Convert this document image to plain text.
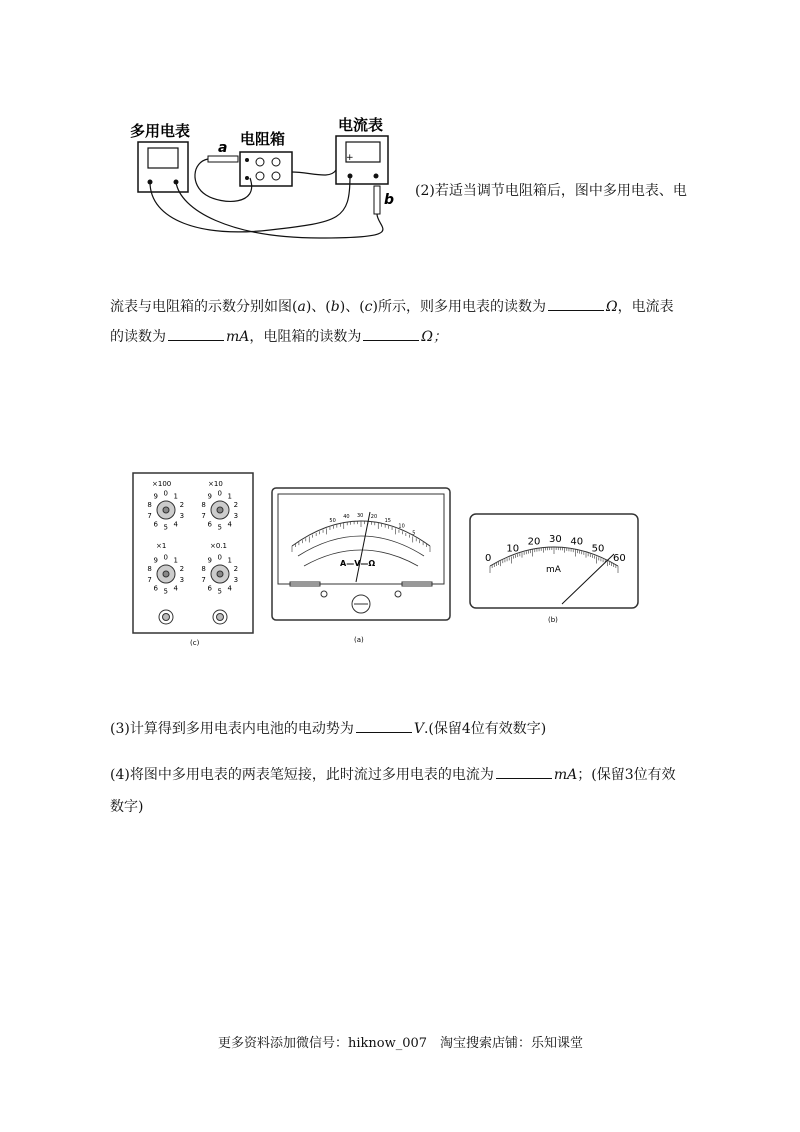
多用电表	电阻箱
电流表
+
a
b
(2)若适当调节电阻箱后，图中多用电表、电
流表与电阻箱的示数分别如图(a)、(b)、(c)所示，则多用电表的读数为	Ω，电流表
的读数为	mA，电阻箱的读数为	Ω；
×100	×10
×1	×0.1
0 1
2
3
4
5
6
7
8
9	0 1
2
3
4
5
6
7
8
9
0 1
2
3
4
5
6
7
8
9	0 1
2
3
4
5
6
7
8
9
(c)
50
40 30 20
15
10
5
A—V—Ω
(a)
0
10
20 30 40
50
60
mA
(b)
(3)计算得到多用电表内电池的电动势为	V.(保留4位有效数字)
(4)将图中多用电表的两表笔短接，此时流过多用电表的电流为	mA；(保留3位有效
数字)
更多资料添加微信号：hiknow_007　淘宝搜索店铺：乐知课堂
